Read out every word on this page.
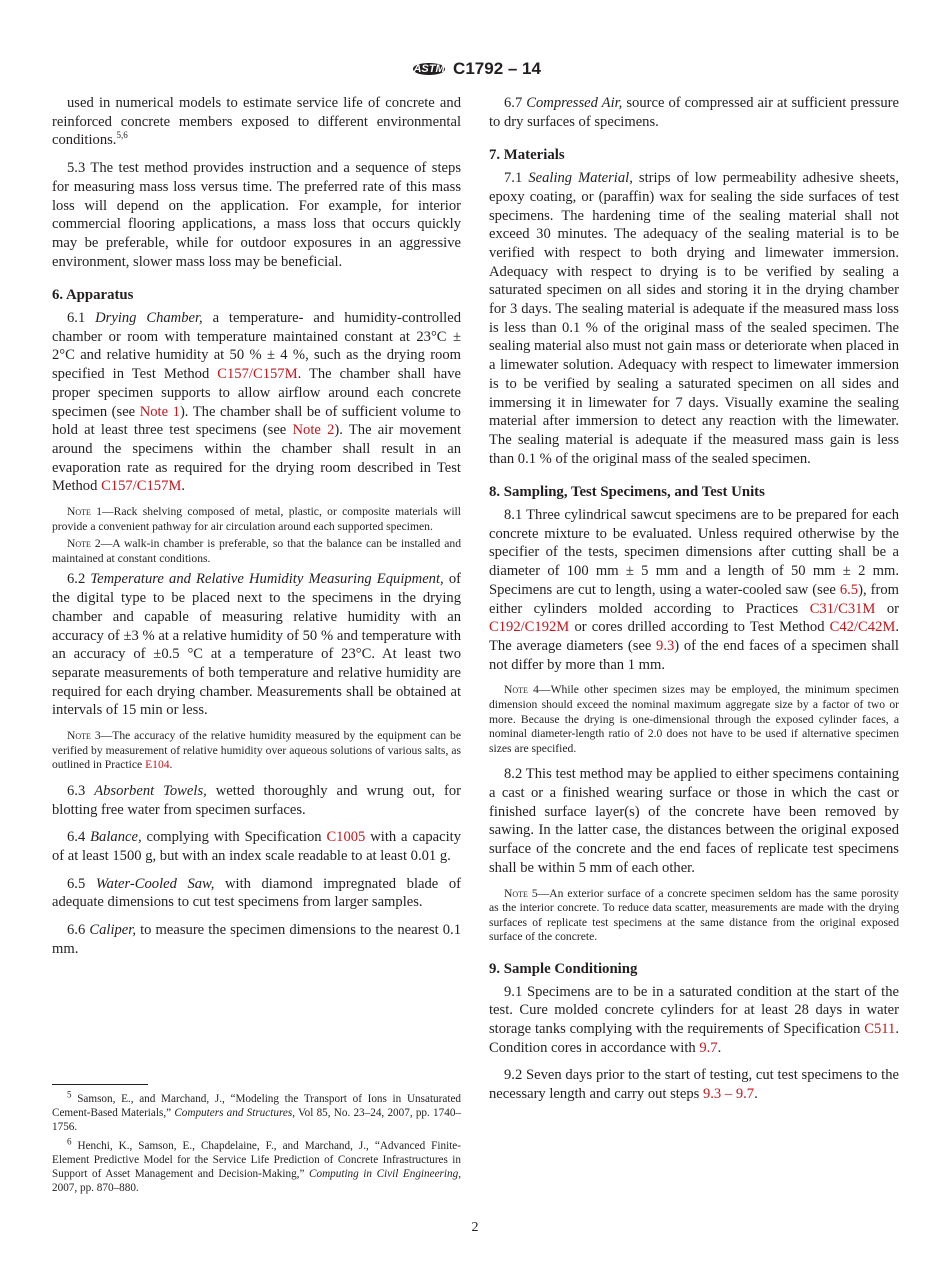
ASTM C1792 – 14

used in numerical models to estimate service life of concrete and reinforced concrete members exposed to different environmental conditions.$^{5,6}$

5.3 The test method provides instruction and a sequence of steps for measuring mass loss versus time. The preferred rate of this mass loss will depend on the application. For example, for interior commercial flooring applications, a mass loss that occurs quickly may be preferable, while for outdoor exposures in an aggressive environment, slower mass loss may be beneficial.

6. Apparatus

6.1 Drying Chamber, a temperature- and humidity-controlled chamber or room with temperature maintained constant at 23°C ± 2°C and relative humidity at 50 % ± 4 %, such as the drying room specified in Test Method C157/C157M. The chamber shall have proper specimen supports to allow airflow around each concrete specimen (see Note 1). The chamber shall be of sufficient volume to hold at least three test specimens (see Note 2). The air movement around the specimens within the chamber shall result in an evaporation rate as required for the drying room described in Test Method C157/C157M.

Note 1—Rack shelving composed of metal, plastic, or composite materials will provide a convenient pathway for air circulation around each supported specimen.

Note 2—A walk-in chamber is preferable, so that the balance can be installed and maintained at constant conditions.

6.2 Temperature and Relative Humidity Measuring Equipment, of the digital type to be placed next to the specimens in the drying chamber and capable of measuring relative humidity with an accuracy of ±3 % at a relative humidity of 50 % and temperature with an accuracy of ±0.5 °C at a temperature of 23°C. At least two separate measurements of both temperature and relative humidity are required for each drying chamber. Measurements shall be obtained at intervals of 15 min or less.

Note 3—The accuracy of the relative humidity measured by the equipment can be verified by measurement of relative humidity over aqueous solutions of various salts, as outlined in Practice E104.

6.3 Absorbent Towels, wetted thoroughly and wrung out, for blotting free water from specimen surfaces.

6.4 Balance, complying with Specification C1005 with a capacity of at least 1500 g, but with an index scale readable to at least 0.01 g.

6.5 Water-Cooled Saw, with diamond impregnated blade of adequate dimensions to cut test specimens from larger samples.

6.6 Caliper, to measure the specimen dimensions to the nearest 0.1 mm.

$^5$ Samson, E., and Marchand, J., “Modeling the Transport of Ions in Unsaturated Cement-Based Materials,” Computers and Structures, Vol 85, No. 23–24, 2007, pp. 1740–1756.

$^6$ Henchi, K., Samson, E., Chapdelaine, F., and Marchand, J., “Advanced Finite-Element Predictive Model for the Service Life Prediction of Concrete Infrastructures in Support of Asset Management and Decision-Making,” Computing in Civil Engineering, 2007, pp. 870–880.

6.7 Compressed Air, source of compressed air at sufficient pressure to dry surfaces of specimens.

7. Materials

7.1 Sealing Material, strips of low permeability adhesive sheets, epoxy coating, or (paraffin) wax for sealing the side surfaces of test specimens. The hardening time of the sealing material shall not exceed 30 minutes. The adequacy of the sealing material is to be verified with respect to both drying and limewater immersion. Adequacy with respect to drying is to be verified by sealing a saturated specimen on all sides and storing it in the drying chamber for 3 days. The sealing material is adequate if the measured mass loss is less than 0.1 % of the original mass of the sealed specimen. The sealing material also must not gain mass or deteriorate when placed in a limewater solution. Adequacy with respect to limewater immersion is to be verified by sealing a saturated specimen on all sides and immersing it in limewater for 7 days. Visually examine the sealing material after immersion to detect any reaction with the limewater. The sealing material is adequate if the measured mass gain is less than 0.1 % of the original mass of the sealed specimen.

8. Sampling, Test Specimens, and Test Units

8.1 Three cylindrical sawcut specimens are to be prepared for each concrete mixture to be evaluated. Unless required otherwise by the specifier of the tests, specimen dimensions after cutting shall be a diameter of 100 mm ± 5 mm and a length of 50 mm ± 2 mm. Specimens are cut to length, using a water-cooled saw (see 6.5), from either cylinders molded according to Practices C31/C31M or C192/C192M or cores drilled according to Test Method C42/C42M. The average diameters (see 9.3) of the end faces of a specimen shall not differ by more than 1 mm.

Note 4—While other specimen sizes may be employed, the minimum specimen dimension should exceed the nominal maximum aggregate size by a factor of two or more. Because the drying is one-dimensional through the exposed cylinder faces, a nominal diameter-length ratio of 2.0 does not have to be used if alternative specimen sizes are specified.

8.2 This test method may be applied to either specimens containing a cast or a finished wearing surface or those in which the cast or finished surface layer(s) of the concrete have been removed by sawing. In the latter case, the distances between the original exposed surface of the concrete and the end faces of replicate test specimens shall be within 5 mm of each other.

Note 5—An exterior surface of a concrete specimen seldom has the same porosity as the interior concrete. To reduce data scatter, measurements are made with the drying surfaces of replicate test specimens at the same distance from the original exposed surface of the concrete.

9. Sample Conditioning

9.1 Specimens are to be in a saturated condition at the start of the test. Cure molded concrete cylinders for at least 28 days in water storage tanks complying with the requirements of Specification C511. Condition cores in accordance with 9.7.

9.2 Seven days prior to the start of testing, cut test specimens to the necessary length and carry out steps 9.3 – 9.7.

2
